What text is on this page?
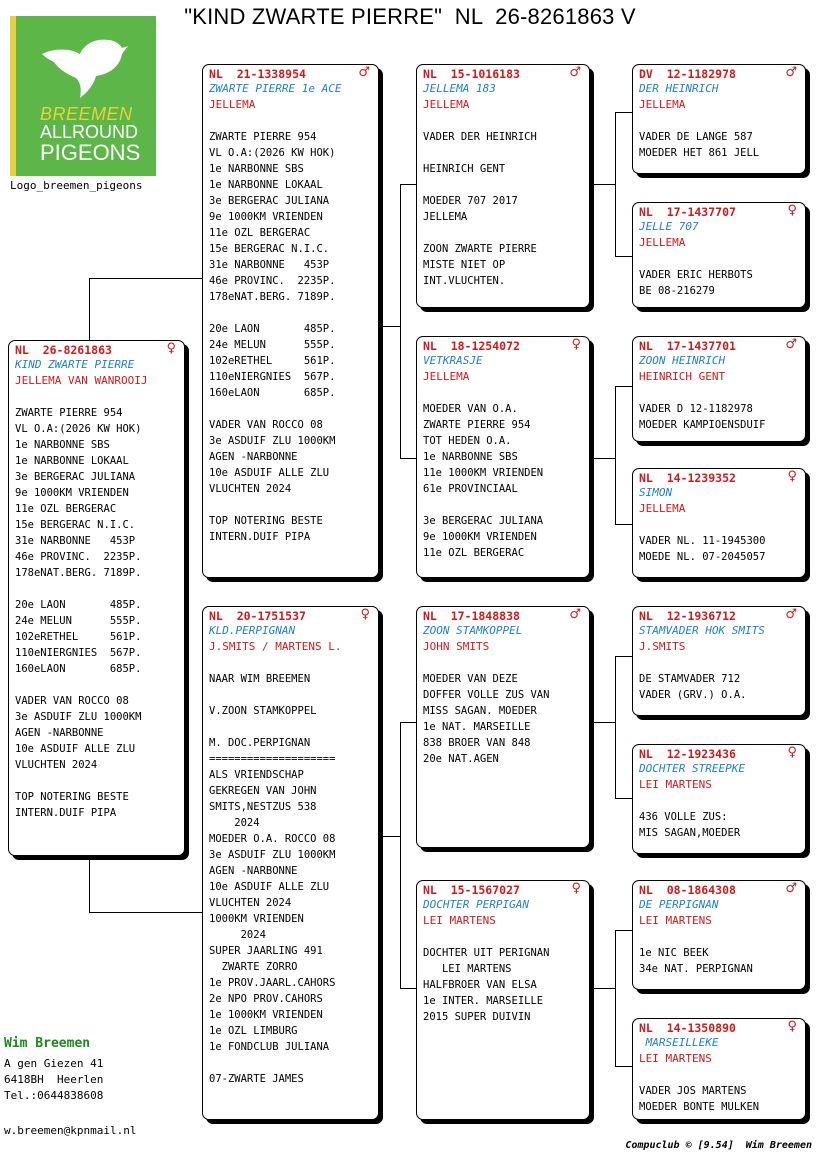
"KIND ZWARTE PIERRE"  NL  26-8261863 V
BREEMEN
ALLROUND
PIGEONS
Logo_breemen_pigeons
NL  26-8261863	♀
KIND ZWARTE PIERRE
JELLEMA VAN WANROOIJ
ZWARTE PIERRE 954
VL O.A:(2026 KW HOK)
1e NARBONNE SBS
1e NARBONNE LOKAAL
3e BERGERAC JULIANA
9e 1000KM VRIENDEN
11e OZL BERGERAC
15e BERGERAC N.I.C.
31e NARBONNE   453P
46e PROVINC.  2235P.
178eNAT.BERG. 7189P.
20e LAON       485P.
24e MELUN      555P.
102eRETHEL     561P.
110eNIERGNIES  567P.
160eLAON       685P.
VADER VAN ROCCO 08
3e ASDUIF ZLU 1000KM
AGEN -NARBONNE
10e ASDUIF ALLE ZLU
VLUCHTEN 2024
TOP NOTERING BESTE
INTERN.DUIF PIPA
NL  21-1338954	♂
ZWARTE PIERRE 1e ACE
JELLEMA
ZWARTE PIERRE 954
VL O.A:(2026 KW HOK)
1e NARBONNE SBS
1e NARBONNE LOKAAL
3e BERGERAC JULIANA
9e 1000KM VRIENDEN
11e OZL BERGERAC
15e BERGERAC N.I.C.
31e NARBONNE   453P
46e PROVINC.  2235P.
178eNAT.BERG. 7189P.
20e LAON       485P.
24e MELUN      555P.
102eRETHEL     561P.
110eNIERGNIES  567P.
160eLAON       685P.
VADER VAN ROCCO 08
3e ASDUIF ZLU 1000KM
AGEN -NARBONNE
10e ASDUIF ALLE ZLU
VLUCHTEN 2024
TOP NOTERING BESTE
INTERN.DUIF PIPA
NL  20-1751537	♀
KLD.PERPIGNAN
J.SMITS / MARTENS L.
NAAR WIM BREEMEN
V.ZOON STAMKOPPEL
M. DOC.PERPIGNAN
====================
ALS VRIENDSCHAP
GEKREGEN VAN JOHN
SMITS,NESTZUS 538
2024
MOEDER O.A. ROCCO 08
3e ASDUIF ZLU 1000KM
AGEN -NARBONNE
10e ASDUIF ALLE ZLU
VLUCHTEN 2024
1000KM VRIENDEN
2024
SUPER JAARLING 491
ZWARTE ZORRO
1e PROV.JAARL.CAHORS
2e NPO PROV.CAHORS
1e 1000KM VRIENDEN
1e OZL LIMBURG
1e FONDCLUB JULIANA
07-ZWARTE JAMES
NL  15-1016183	♂
JELLEMA 183
JELLEMA
VADER DER HEINRICH
HEINRICH GENT
MOEDER 707 2017
JELLEMA
ZOON ZWARTE PIERRE
MISTE NIET OP
INT.VLUCHTEN.
NL  18-1254072	♀
VETKRASJE
JELLEMA
MOEDER VAN O.A.
ZWARTE PIERRE 954
TOT HEDEN O.A.
1e NARBONNE SBS
11e 1000KM VRIENDEN
61e PROVINCIAAL
3e BERGERAC JULIANA
9e 1000KM VRIENDEN
11e OZL BERGERAC
NL  17-1848838	♂
ZOON STAMKOPPEL
JOHN SMITS
MOEDER VAN DEZE
DOFFER VOLLE ZUS VAN
MISS SAGAN. MOEDER
1e NAT. MARSEILLE
838 BROER VAN 848
20e NAT.AGEN
NL  15-1567027	♀
DOCHTER PERPIGAN
LEI MARTENS
DOCHTER UIT PERIGNAN
LEI MARTENS
HALFBROER VAN ELSA
1e INTER. MARSEILLE
2015 SUPER DUIVIN
DV  12-1182978	♂
DER HEINRICH
JELLEMA
VADER DE LANGE 587
MOEDER HET 861 JELL
NL  17-1437707	♀
JELLE 707
JELLEMA
VADER ERIC HERBOTS
BE 08-216279
NL  17-1437701	♂
ZOON HEINRICH
HEINRICH GENT
VADER D 12-1182978
MOEDER KAMPIOENSDUIF
NL  14-1239352	♀
SIMON
JELLEMA
VADER NL. 11-1945300
MOEDE NL. 07-2045057
NL  12-1936712	♂
STAMVADER HOK SMITS
J.SMITS
DE STAMVADER 712
VADER (GRV.) O.A.
NL  12-1923436	♀
DOCHTER STREEPKE
LEI MARTENS
436 VOLLE ZUS:
MIS SAGAN,MOEDER
NL  08-1864308	♂
DE PERPIGNAN
LEI MARTENS
1e NIC BEEK
34e NAT. PERPIGNAN
NL  14-1350890	♀
MARSEILLEKE
LEI MARTENS
VADER JOS MARTENS
MOEDER BONTE MULKEN
Wim Breemen
A gen Giezen 41
6418BH  Heerlen
Tel.:0644838608
w.breemen@kpnmail.nl
Compuclub © [9.54]  Wim Breemen
